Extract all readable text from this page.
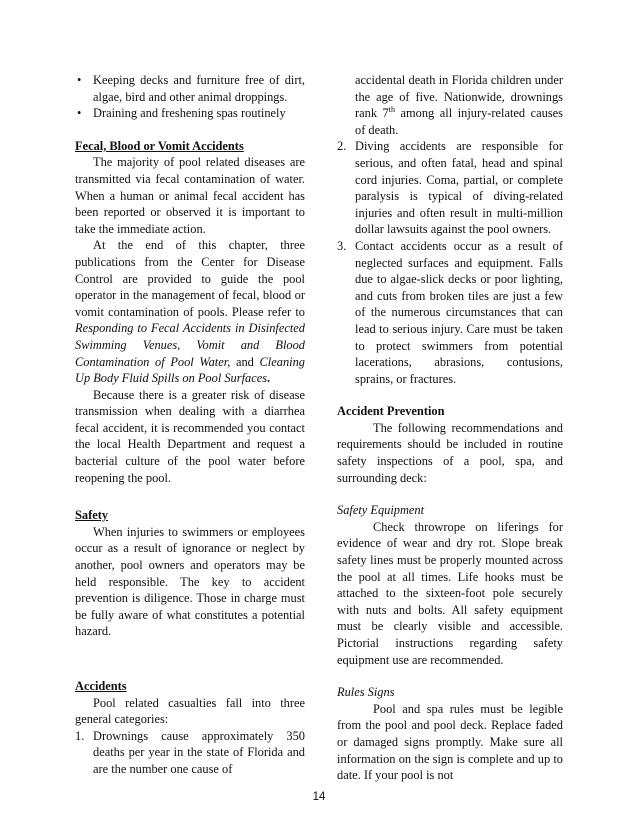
• Keeping decks and furniture free of dirt, algae, bird and other animal droppings.
• Draining and freshening spas routinely

Fecal, Blood or Vomit Accidents

The majority of pool related diseases are transmitted via fecal contamination of water. When a human or animal fecal accident has been reported or observed it is important to take the immediate action.

At the end of this chapter, three publications from the Center for Disease Control are provided to guide the pool operator in the management of fecal, blood or vomit contamination of pools. Please refer to Responding to Fecal Accidents in Disinfected Swimming Venues, Vomit and Blood Contamination of Pool Water, and Cleaning Up Body Fluid Spills on Pool Surfaces.

Because there is a greater risk of disease transmission when dealing with a diarrhea fecal accident, it is recommended you contact the local Health Department and request a bacterial culture of the pool water before reopening the pool.

Safety

When injuries to swimmers or employees occur as a result of ignorance or neglect by another, pool owners and operators may be held responsible. The key to accident prevention is diligence. Those in charge must be fully aware of what constitutes a potential hazard.

Accidents

Pool related casualties fall into three general categories:

1. Drownings cause approximately 350 deaths per year in the state of Florida and are the number one cause of
accidental death in Florida children under the age of five. Nationwide, drownings rank 7th among all injury-related causes of death.
2. Diving accidents are responsible for serious, and often fatal, head and spinal cord injuries. Coma, partial, or complete paralysis is typical of diving-related injuries and often result in multi-million dollar lawsuits against the pool owners.
3. Contact accidents occur as a result of neglected surfaces and equipment. Falls due to algae-slick decks or poor lighting, and cuts from broken tiles are just a few of the numerous circumstances that can lead to serious injury. Care must be taken to protect swimmers from potential lacerations, abrasions, contusions, sprains, or fractures.

Accident Prevention

The following recommendations and requirements should be included in routine safety inspections of a pool, spa, and surrounding deck:

Safety Equipment

Check throwrope on liferings for evidence of wear and dry rot. Slope break safety lines must be properly mounted across the pool at all times. Life hooks must be attached to the sixteen-foot pole securely with nuts and bolts. All safety equipment must be clearly visible and accessible. Pictorial instructions regarding safety equipment use are recommended.

Rules Signs

Pool and spa rules must be legible from the pool and pool deck. Replace faded or damaged signs promptly. Make sure all information on the sign is complete and up to date. If your pool is not

14
